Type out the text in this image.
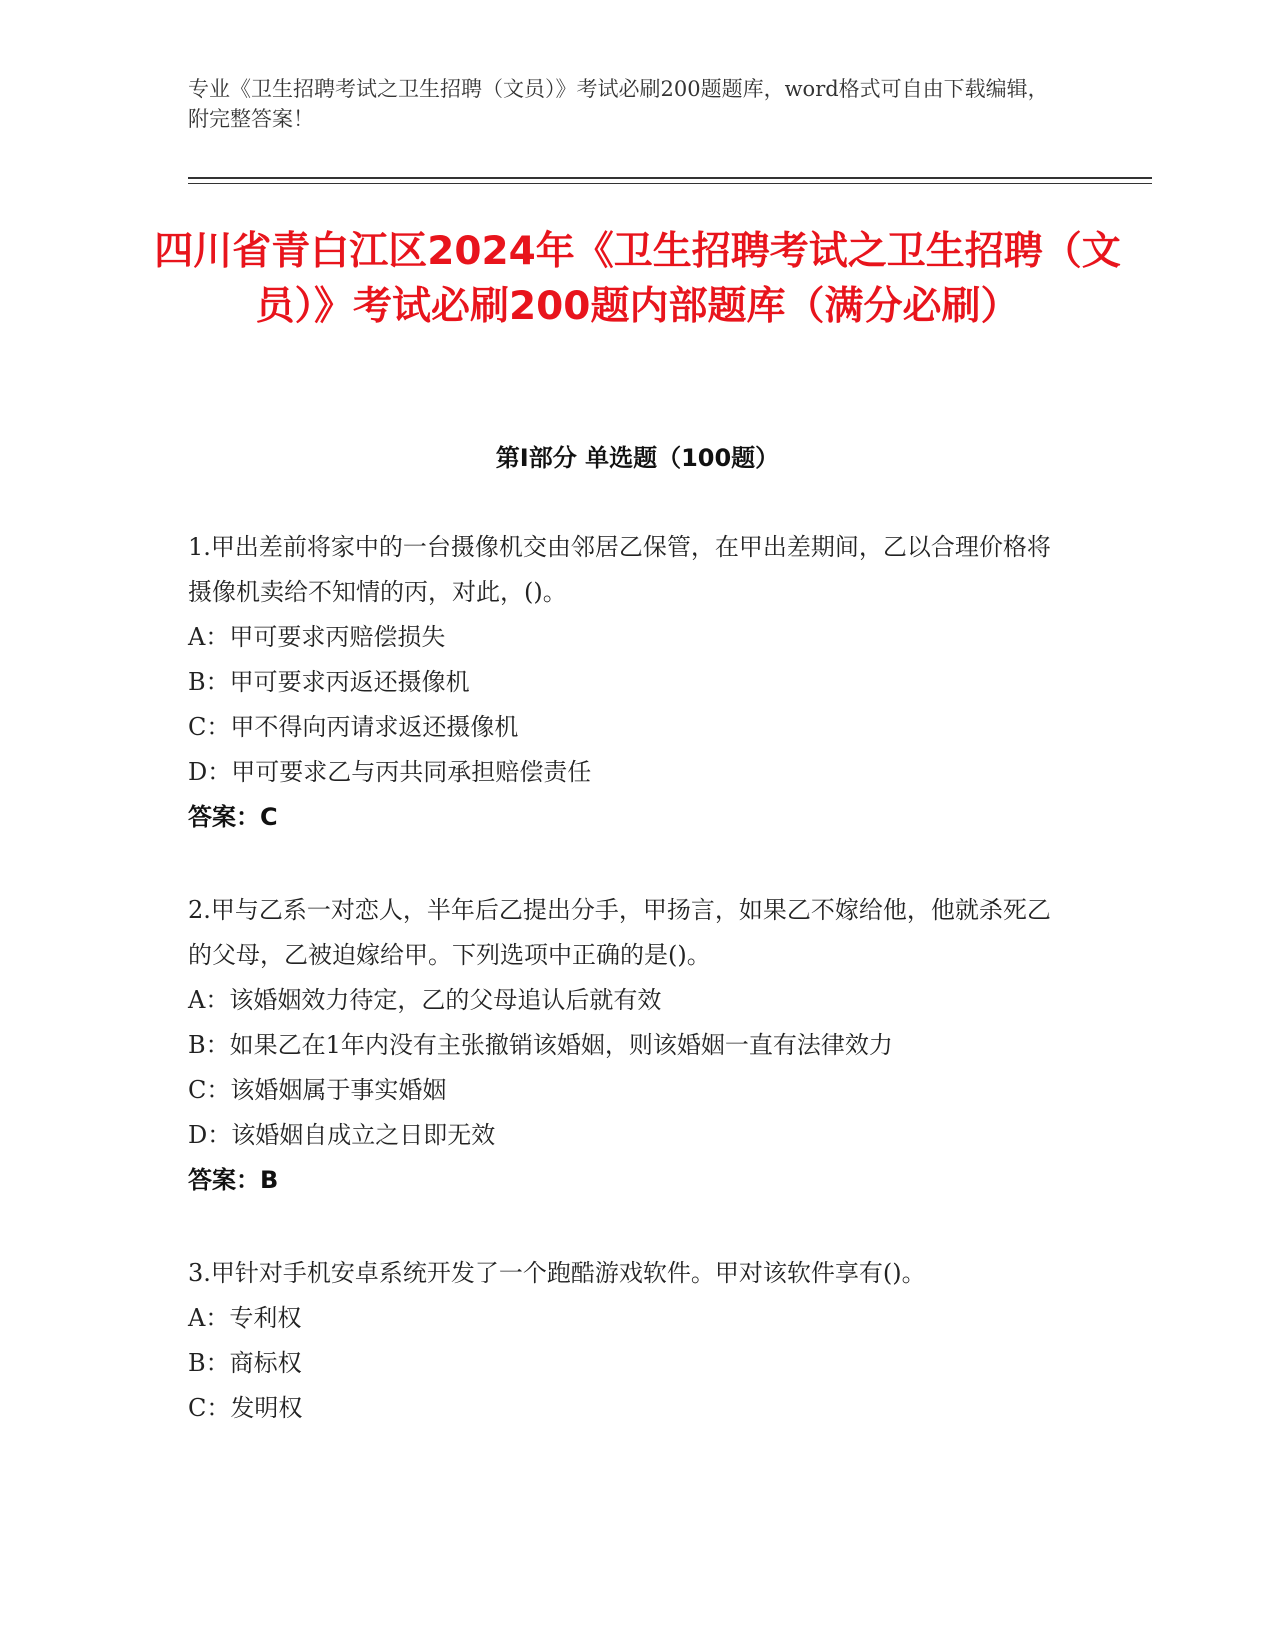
专业《卫生招聘考试之卫生招聘（文员）》考试必刷200题题库，word格式可自由下载编辑，附完整答案！

四川省青白江区2024年《卫生招聘考试之卫生招聘（文员）》考试必刷200题内部题库（满分必刷）
第Ⅰ部分 单选题（100题）

1.甲出差前将家中的一台摄像机交由邻居乙保管，在甲出差期间，乙以合理价格将摄像机卖给不知情的丙，对此，()。

A：甲可要求丙赔偿损失

B：甲可要求丙返还摄像机

C：甲不得向丙请求返还摄像机

D：甲可要求乙与丙共同承担赔偿责任

答案：C

2.甲与乙系一对恋人，半年后乙提出分手，甲扬言，如果乙不嫁给他，他就杀死乙的父母，乙被迫嫁给甲。下列选项中正确的是()。

A：该婚姻效力待定，乙的父母追认后就有效

B：如果乙在1年内没有主张撤销该婚姻，则该婚姻一直有法律效力

C：该婚姻属于事实婚姻

D：该婚姻自成立之日即无效

答案：B

3.甲针对手机安卓系统开发了一个跑酷游戏软件。甲对该软件享有()。

A：专利权

B：商标权

C：发明权
